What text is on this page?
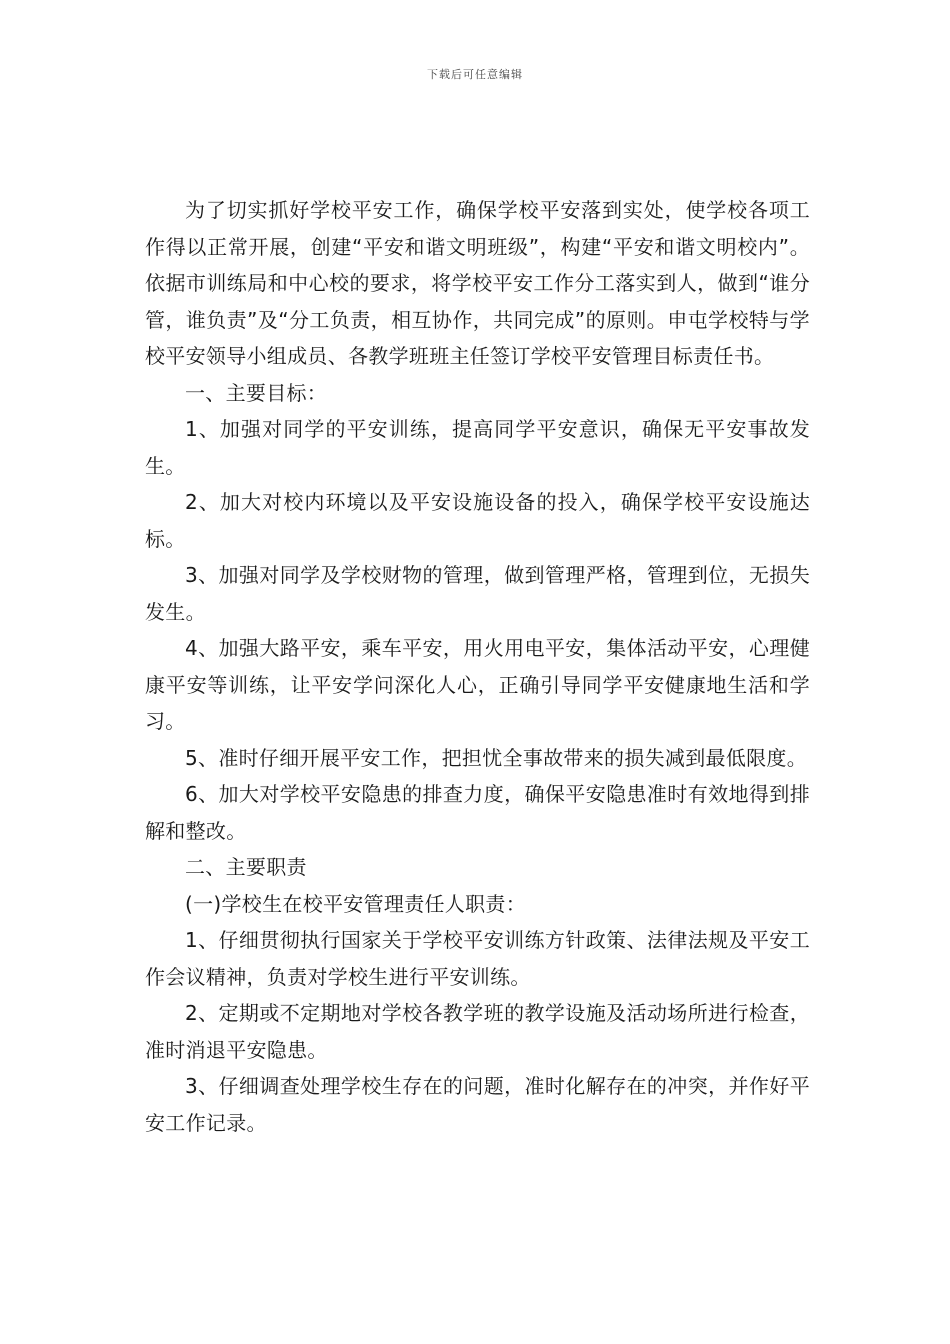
下载后可任意编辑

为了切实抓好学校平安工作，确保学校平安落到实处，使学校各项工作得以正常开展，创建“平安和谐文明班级”，构建“平安和谐文明校内”。依据市训练局和中心校的要求，将学校平安工作分工落实到人，做到“谁分管，谁负责”及“分工负责，相互协作，共同完成”的原则。申屯学校特与学校平安领导小组成员、各教学班班主任签订学校平安管理目标责任书。

一、主要目标：

1、加强对同学的平安训练，提高同学平安意识，确保无平安事故发生。

2、加大对校内环境以及平安设施设备的投入，确保学校平安设施达标。

3、加强对同学及学校财物的管理，做到管理严格，管理到位，无损失发生。

4、加强大路平安，乘车平安，用火用电平安，集体活动平安，心理健康平安等训练，让平安学问深化人心，正确引导同学平安健康地生活和学习。

5、准时仔细开展平安工作，把担忧全事故带来的损失减到最低限度。

6、加大对学校平安隐患的排查力度，确保平安隐患准时有效地得到排解和整改。

二、主要职责

(一)学校生在校平安管理责任人职责：

1、仔细贯彻执行国家关于学校平安训练方针政策、法律法规及平安工作会议精神，负责对学校生进行平安训练。

2、定期或不定期地对学校各教学班的教学设施及活动场所进行检查，准时消退平安隐患。

3、仔细调查处理学校生存在的问题，准时化解存在的冲突，并作好平安工作记录。
